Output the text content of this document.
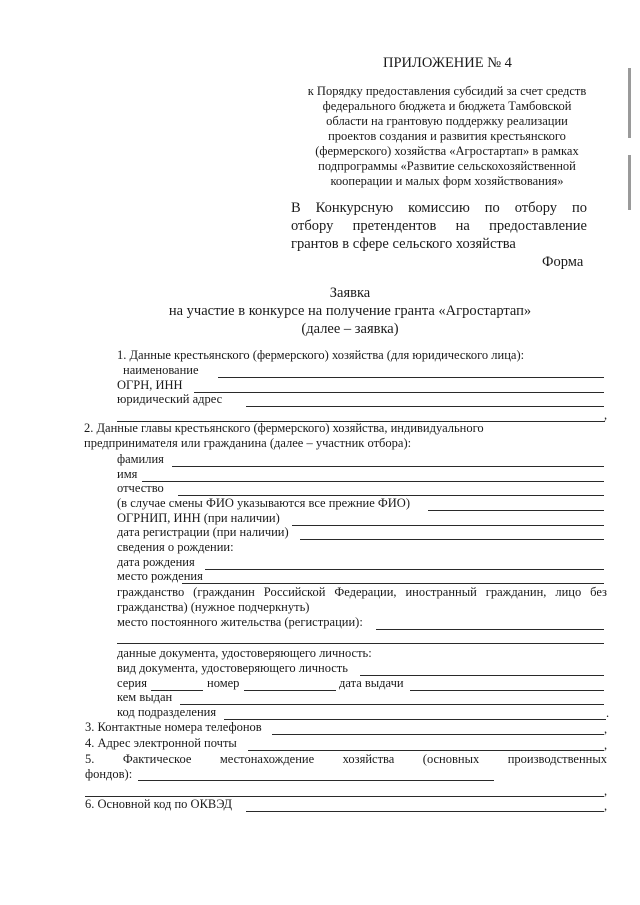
ПРИЛОЖЕНИЕ № 4
к Порядку предоставления субсидий за счет средств
федерального бюджета и бюджета Тамбовской
области на грантовую поддержку реализации
проектов создания и развития крестьянского
(фермерского) хозяйства «Агростартап» в рамках
подпрограммы «Развитие сельскохозяйственной
кооперации и малых форм хозяйствования»
В Конкурсную комиссию по отбору по
отбору претендентов на предоставление
грантов в сфере сельского хозяйства
Форма
Заявка
на участие в конкурсе на получение гранта «Агростартап»
(далее – заявка)
1. Данные крестьянского (фермерского) хозяйства (для юридического лица):
наименование
ОГРН, ИНН
юридический адрес
,
2. Данные главы крестьянского (фермерского) хозяйства, индивидуального
предпринимателя или гражданина (далее – участник отбора):
фамилия
имя
отчество
(в случае смены ФИО указываются все прежние ФИО)
ОГРНИП, ИНН (при наличии)
дата регистрации (при наличии)
сведения о рождении:
дата рождения
место рождения
гражданство (гражданин Российской Федерации, иностранный гражданин, лицо без
гражданства) (нужное подчеркнуть)
место постоянного жительства (регистрации):
данные документа, удостоверяющего личность:
вид документа, удостоверяющего личность
серия	номер	дата выдачи
кем выдан
код подразделения	.
3. Контактные номера телефонов	,
4. Адрес электронной почты	,
5. Фактическое местонахождение хозяйства (основных производственных
фондов):
,
6. Основной код по ОКВЭД	,
